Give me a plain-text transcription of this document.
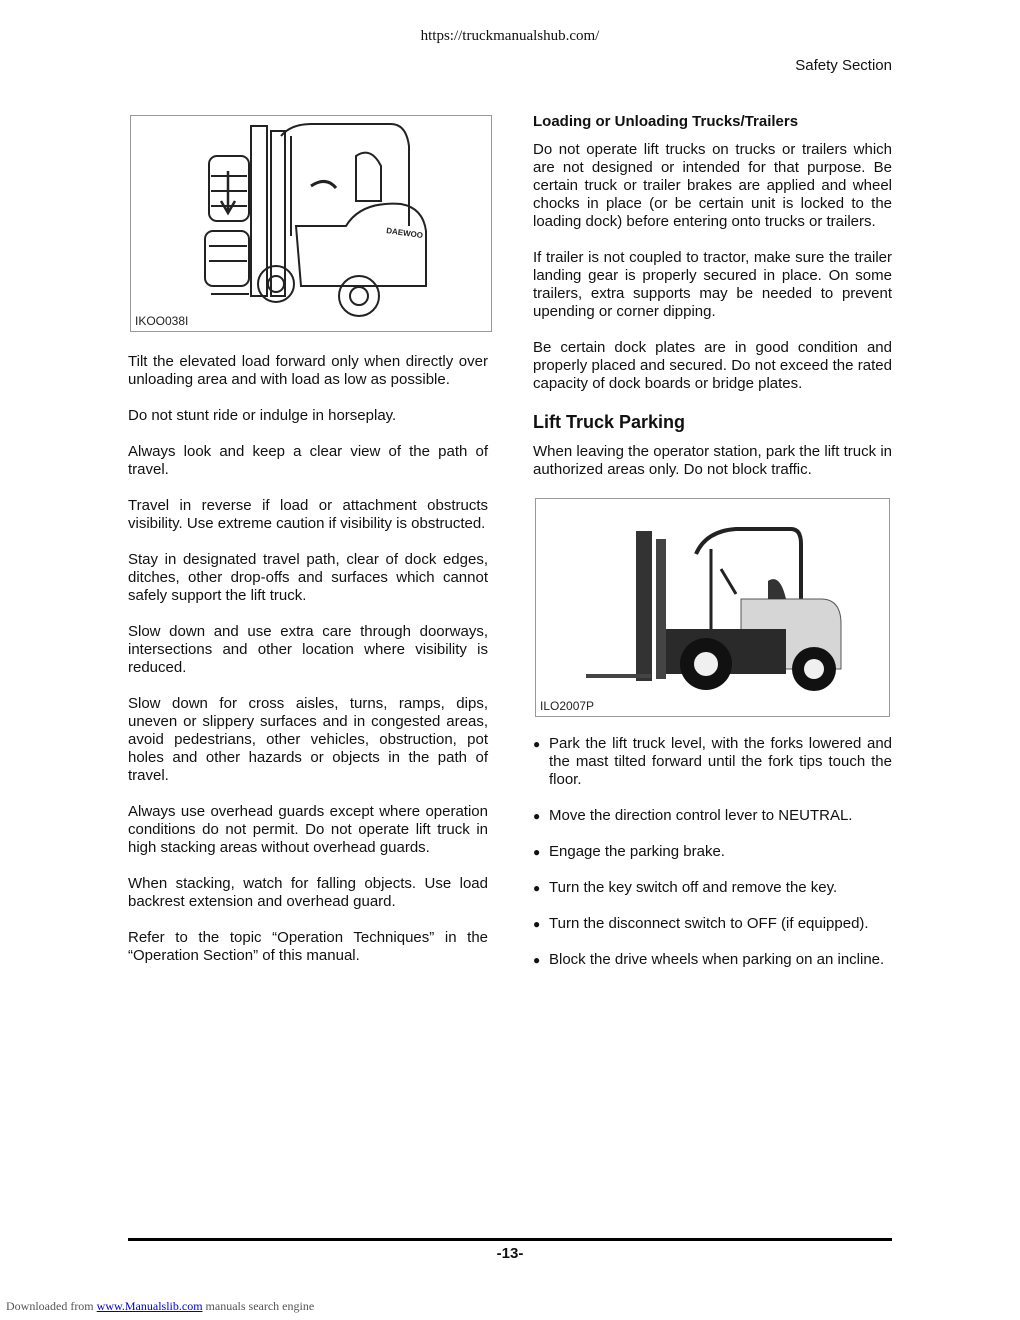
https://truckmanualshub.com/
Safety Section
DAEWOO
IKOO038I

Tilt the elevated load forward only when directly over unloading area and with load as low as possible.

Do not stunt ride or indulge in horseplay.

Always look and keep a clear view of the path of travel.

Travel in reverse if load or attachment obstructs visibility. Use extreme caution if visibility is obstructed.

Stay in designated travel path, clear of dock edges, ditches, other drop-offs and surfaces which cannot safely support the lift truck.

Slow down and use extra care through doorways, intersections and other location where visibility is reduced.

Slow down for cross aisles, turns, ramps, dips, uneven or slippery surfaces and in congested areas, avoid pedestrians, other vehicles, obstruction, pot holes and other hazards or objects in the path of travel.

Always use overhead guards except where operation conditions do not permit. Do not operate lift truck in high stacking areas without overhead guards.

When stacking, watch for falling objects. Use load backrest extension and overhead guard.

Refer to the topic “Operation Techniques” in the “Operation Section” of this manual.

Loading or Unloading Trucks/Trailers

Do not operate lift trucks on trucks or trailers which are not designed or intended for that purpose. Be certain truck or trailer brakes are applied and wheel chocks in place (or be certain unit is locked to the loading dock) before entering onto trucks or trailers.

If trailer is not coupled to tractor, make sure the trailer landing gear is properly secured in place. On some trailers, extra supports may be needed to prevent upending or corner dipping.

Be certain dock plates are in good condition and properly placed and secured. Do not exceed the rated capacity of dock boards or bridge plates.

Lift Truck Parking

When leaving the operator station, park the lift truck in authorized areas only. Do not block traffic.

ILO2007P
● Park the lift truck level, with the forks lowered and the mast tilted forward until the fork tips touch the floor.
● Move the direction control lever to NEUTRAL.
● Engage the parking brake.
● Turn the key switch off and remove the key.
● Turn the disconnect switch to OFF (if equipped).
● Block the drive wheels when parking on an incline.
-13-
Downloaded from www.Manualslib.com manuals search engine
